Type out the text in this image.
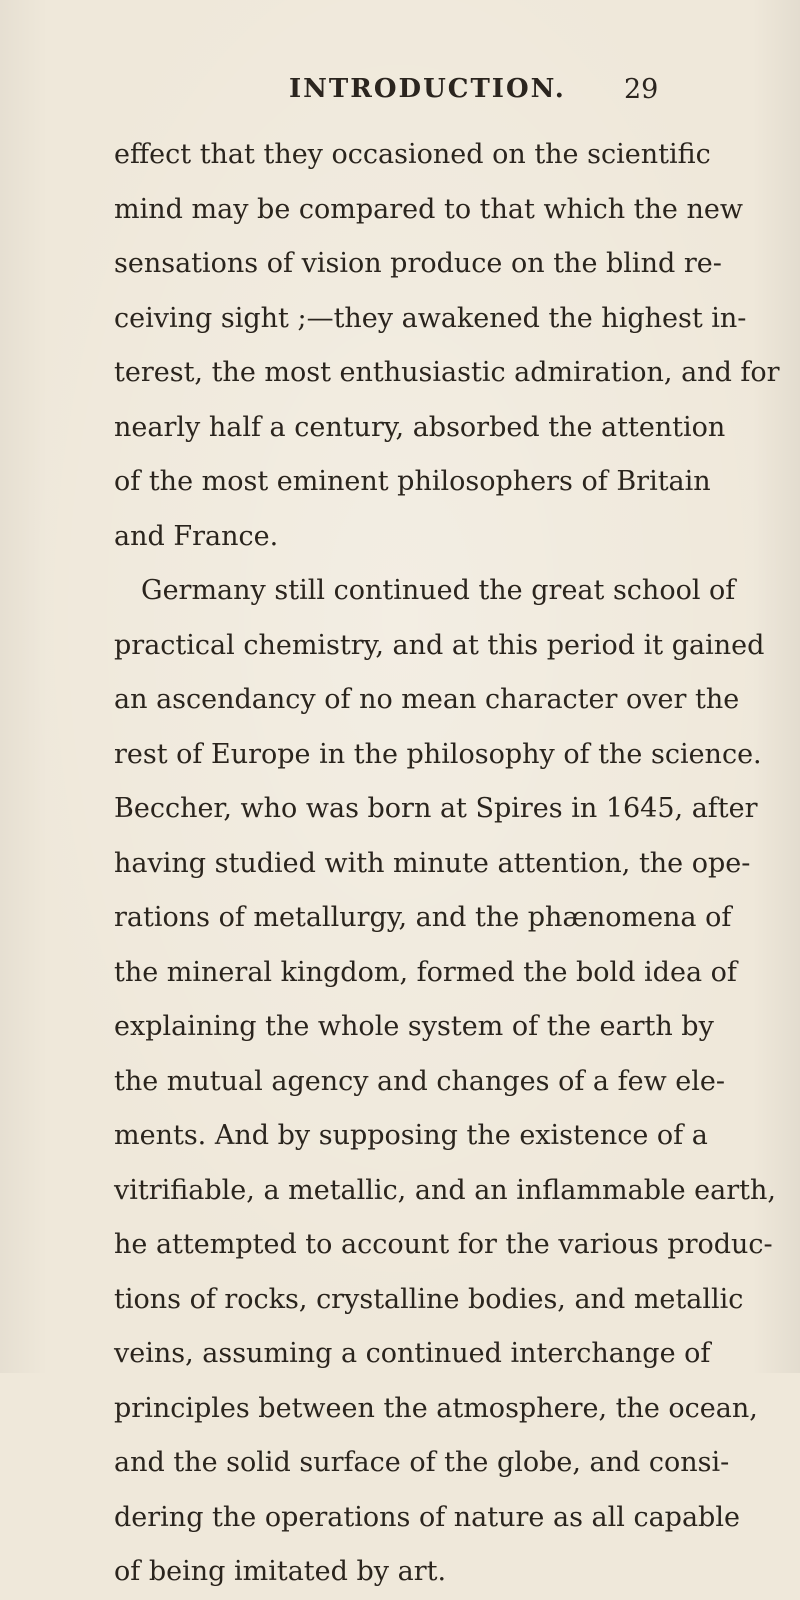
INTRODUCTION. 29
effect that they occasioned on the scientific
mind may be compared to that which the new
sensations of vision produce on the blind re-
ceiving sight ;—they awakened the highest in-
terest, the most enthusiastic admiration, and for
nearly half a century, absorbed the attention
of the most eminent philosophers of Britain
and France.
Germany still continued the great school of
practical chemistry, and at this period it gained
an ascendancy of no mean character over the
rest of Europe in the philosophy of the science.
Beccher, who was born at Spires in 1645, after
having studied with minute attention, the ope-
rations of metallurgy, and the phænomena of
the mineral kingdom, formed the bold idea of
explaining the whole system of the earth by
the mutual agency and changes of a few ele-
ments. And by supposing the existence of a
vitrifiable, a metallic, and an inflammable earth,
he attempted to account for the various produc-
tions of rocks, crystalline bodies, and metallic
veins, assuming a continued interchange of
principles between the atmosphere, the ocean,
and the solid surface of the globe, and consi-
dering the operations of nature as all capable
of being imitated by art.
